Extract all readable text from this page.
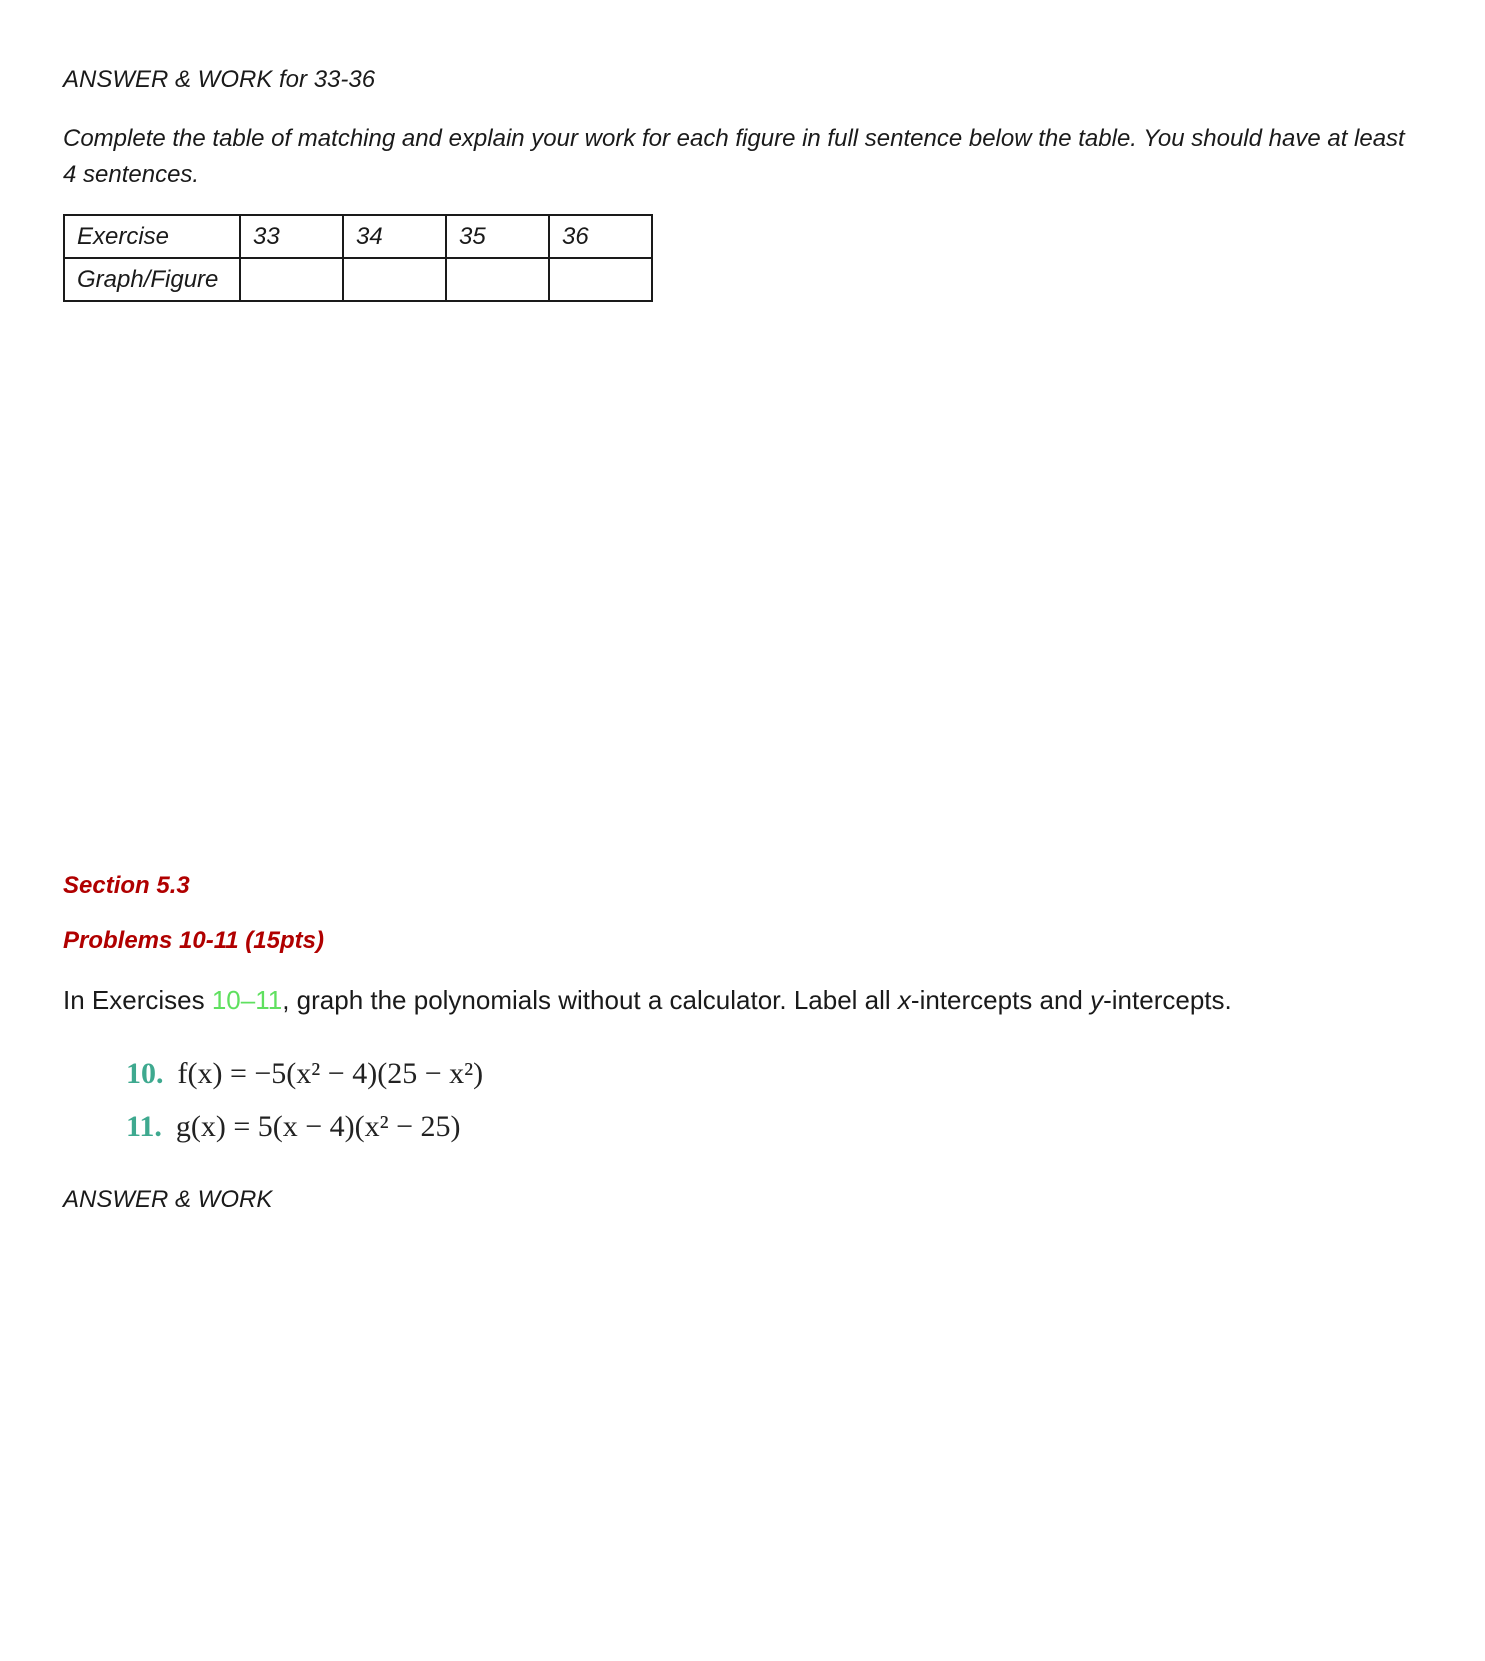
ANSWER & WORK for 33-36
Complete the table of matching and explain your work for each figure in full sentence below the table. You should have at least 4 sentences.
Exercise	33	34	35	36
Graph/Figure				
Section 5.3
Problems 10-11 (15pts)
In Exercises 10–11, graph the polynomials without a calculator. Label all x-intercepts and y-intercepts.
10. f(x) = −5(x² − 4)(25 − x²)
11. g(x) = 5(x − 4)(x² − 25)
ANSWER & WORK
